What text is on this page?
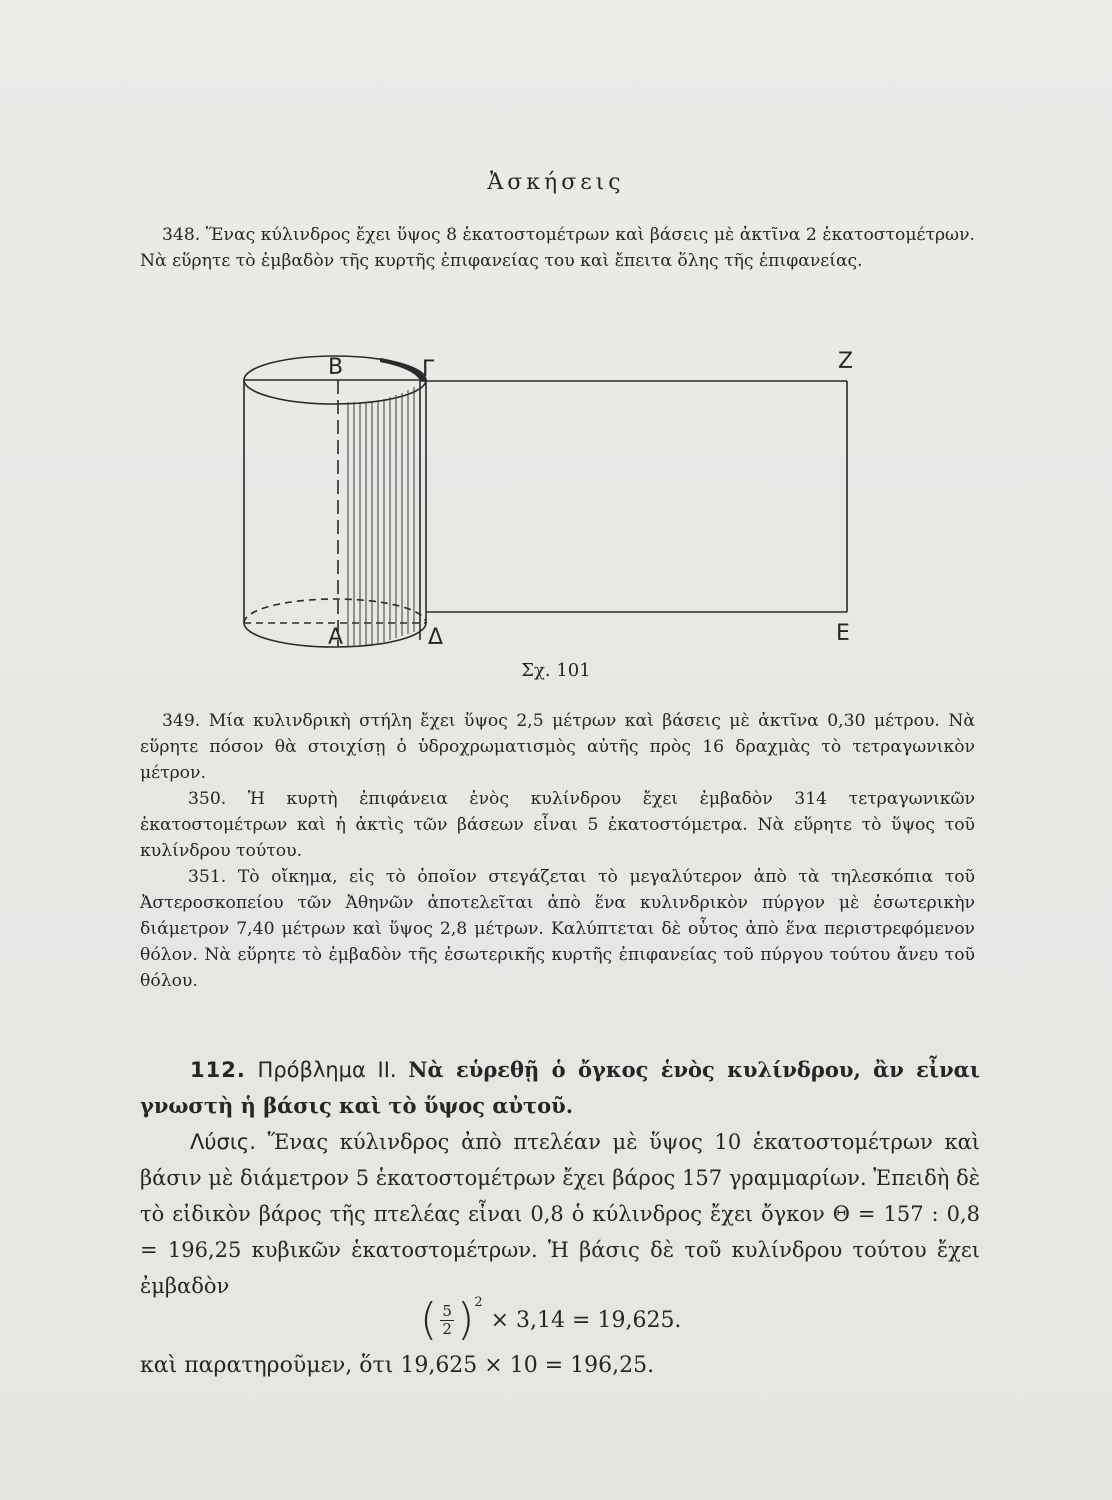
Ἀσκήσεις
348. Ἕνας κύλινδρος ἔχει ὕψος 8 ἑκατοστομέτρων καὶ βάσεις μὲ ἀκτῖνα 2 ἑκατοστομέτρων. Νὰ εὕρητε τὸ ἐμβαδὸν τῆς κυρτῆς ἐπιφανείας του καὶ ἔπειτα ὅλης τῆς ἐπιφανείας.
Β	Γ	Ζ
Α	Δ	Ε
Σχ. 101
349. Μία κυλινδρικὴ στήλη ἔχει ὕψος 2,5 μέτρων καὶ βάσεις μὲ ἀκτῖνα 0,30 μέτρου. Νὰ εὕρητε πόσον θὰ στοιχίσῃ ὁ ὑδροχρωματισμὸς αὐτῆς πρὸς 16 δραχμὰς τὸ τετραγωνικὸν μέτρον.
350. Ἡ κυρτὴ ἐπιφάνεια ἑνὸς κυλίνδρου ἔχει ἐμβαδὸν 314 τετραγωνικῶν ἑκατοστομέτρων καὶ ἡ ἀκτὶς τῶν βάσεων εἶναι 5 ἑκατοστόμετρα. Νὰ εὕρητε τὸ ὕψος τοῦ κυλίνδρου τούτου.
351. Τὸ οἴκημα, εἰς τὸ ὁποῖον στεγάζεται τὸ μεγαλύτερον ἀπὸ τὰ τηλεσκόπια τοῦ Ἀστεροσκοπείου τῶν Ἀθηνῶν ἀποτελεῖται ἀπὸ ἕνα κυλινδρικὸν πύργον μὲ ἐσωτερικὴν διάμετρον 7,40 μέτρων καὶ ὕψος 2,8 μέτρων. Καλύπτεται δὲ οὗτος ἀπὸ ἕνα περιστρεφόμενον θόλον. Νὰ εὕρητε τὸ ἐμβαδὸν τῆς ἐσωτερικῆς κυρτῆς ἐπιφανείας τοῦ πύργου τούτου ἄνευ τοῦ θόλου.
112. Πρόβλημα ΙΙ. Νὰ εὑρεθῇ ὁ ὄγκος ἑνὸς κυλίνδρου, ἂν εἶναι γνωστὴ ἡ βάσις καὶ τὸ ὕψος αὐτοῦ.
Λύσις. Ἕνας κύλινδρος ἀπὸ πτελέαν μὲ ὕψος 10 ἑκατοστομέτρων καὶ βάσιν μὲ διάμετρον 5 ἑκατοστομέτρων ἔχει βάρος 157 γραμμαρίων. Ἐπειδὴ δὲ τὸ εἰδικὸν βάρος τῆς πτελέας εἶναι 0,8 ὁ κύλινδρος ἔχει ὄγκον Θ = 157 : 0,8 = 196,25 κυβικῶν ἑκατοστομέτρων. Ἡ βάσις δὲ τοῦ κυλίνδρου τούτου ἔχει ἐμβαδὸν
( $\frac{5}{2}$ ) 2
× 3,14 = 19,625.
καὶ παρατηροῦμεν, ὅτι 19,625 × 10 = 196,25.
